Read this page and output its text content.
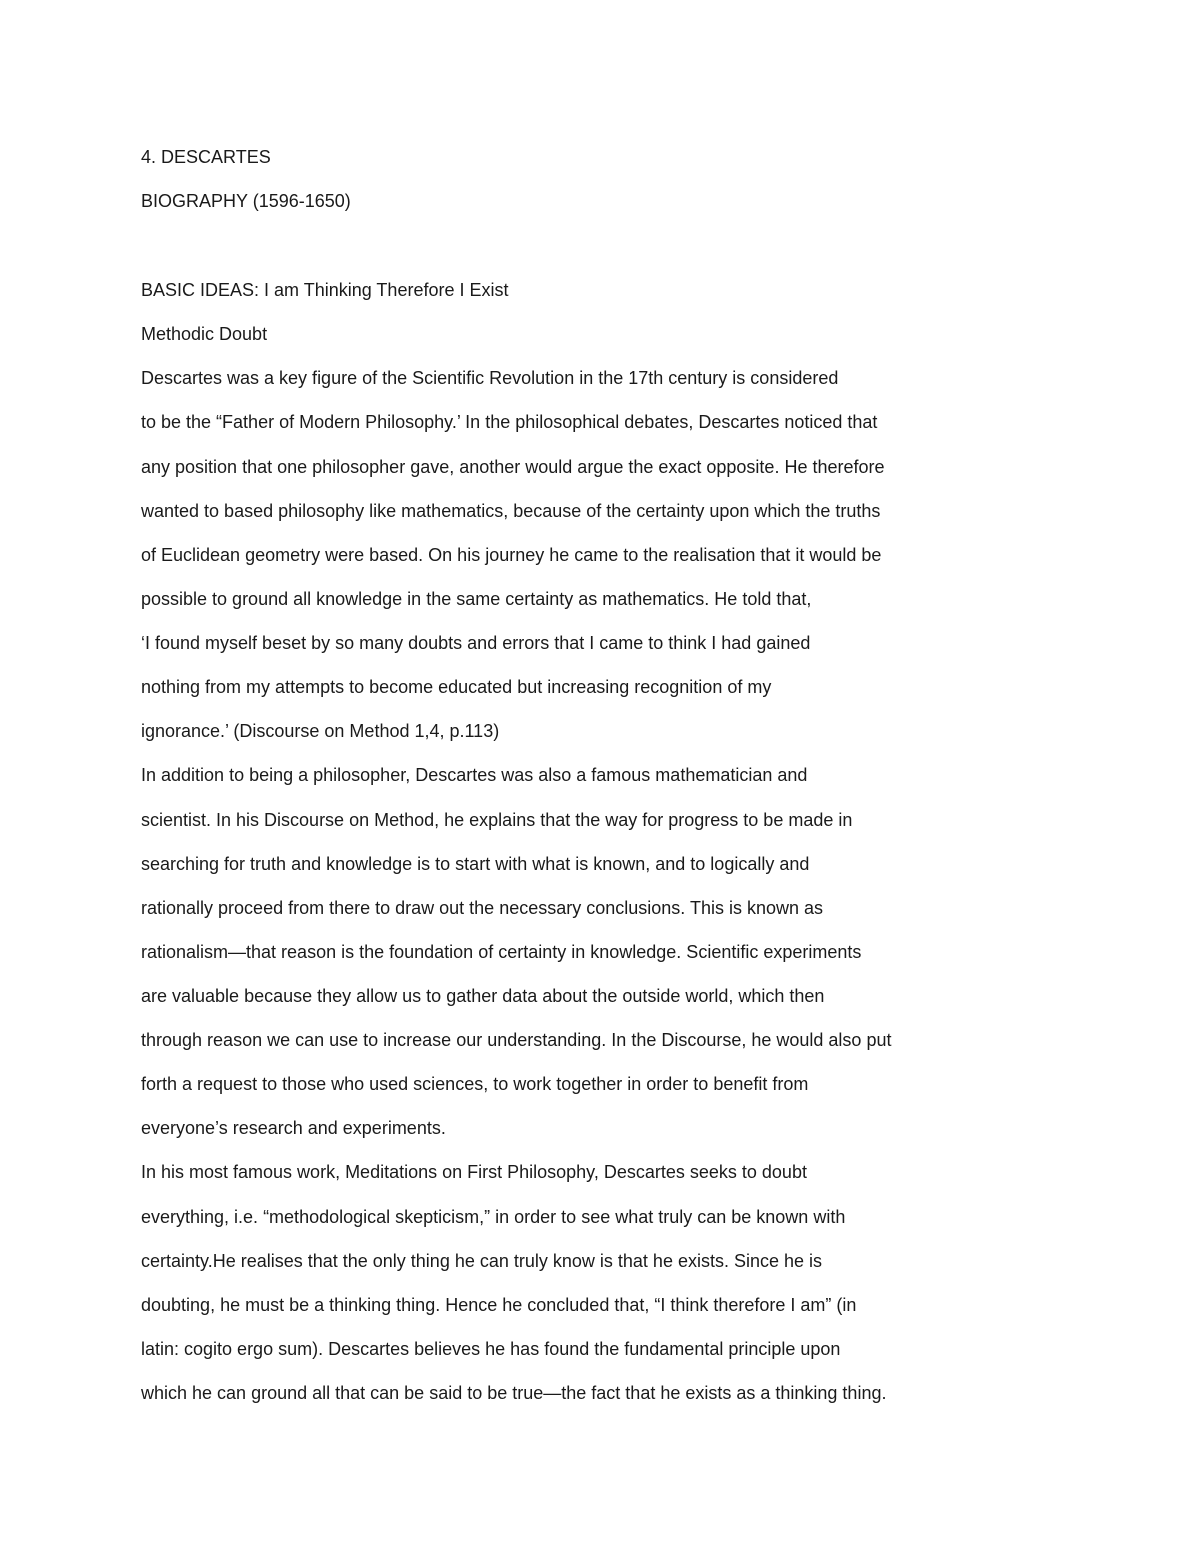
4. DESCARTES

BIOGRAPHY (1596-1650)

BASIC IDEAS: I am Thinking Therefore I Exist

Methodic Doubt

Descartes was a key figure of the Scientific Revolution in the 17th century is considered

to be the “Father of Modern Philosophy.’ In the philosophical debates, Descartes noticed that

any position that one philosopher gave, another would argue the exact opposite. He therefore

wanted to based philosophy like mathematics, because of the certainty upon which the truths

of Euclidean geometry were based. On his journey he came to the realisation that it would be

possible to ground all knowledge in the same certainty as mathematics. He told that,

‘I found myself beset by so many doubts and errors that I came to think I had gained

nothing from my attempts to become educated but increasing recognition of my

ignorance.’ (Discourse on Method 1,4, p.113)

In addition to being a philosopher, Descartes was also a famous mathematician and

scientist. In his Discourse on Method, he explains that the way for progress to be made in

searching for truth and knowledge is to start with what is known, and to logically and

rationally proceed from there to draw out the necessary conclusions. This is known as

rationalism—that reason is the foundation of certainty in knowledge. Scientific experiments

are valuable because they allow us to gather data about the outside world, which then

through reason we can use to increase our understanding. In the Discourse, he would also put

forth a request to those who used sciences, to work together in order to benefit from

everyone’s research and experiments.

In his most famous work, Meditations on First Philosophy, Descartes seeks to doubt

everything, i.e. “methodological skepticism,” in order to see what truly can be known with

certainty.He realises that the only thing he can truly know is that he exists. Since he is

doubting, he must be a thinking thing. Hence he concluded that, “I think therefore I am” (in

latin: cogito ergo sum). Descartes believes he has found the fundamental principle upon

which he can ground all that can be said to be true—the fact that he exists as a thinking thing.
